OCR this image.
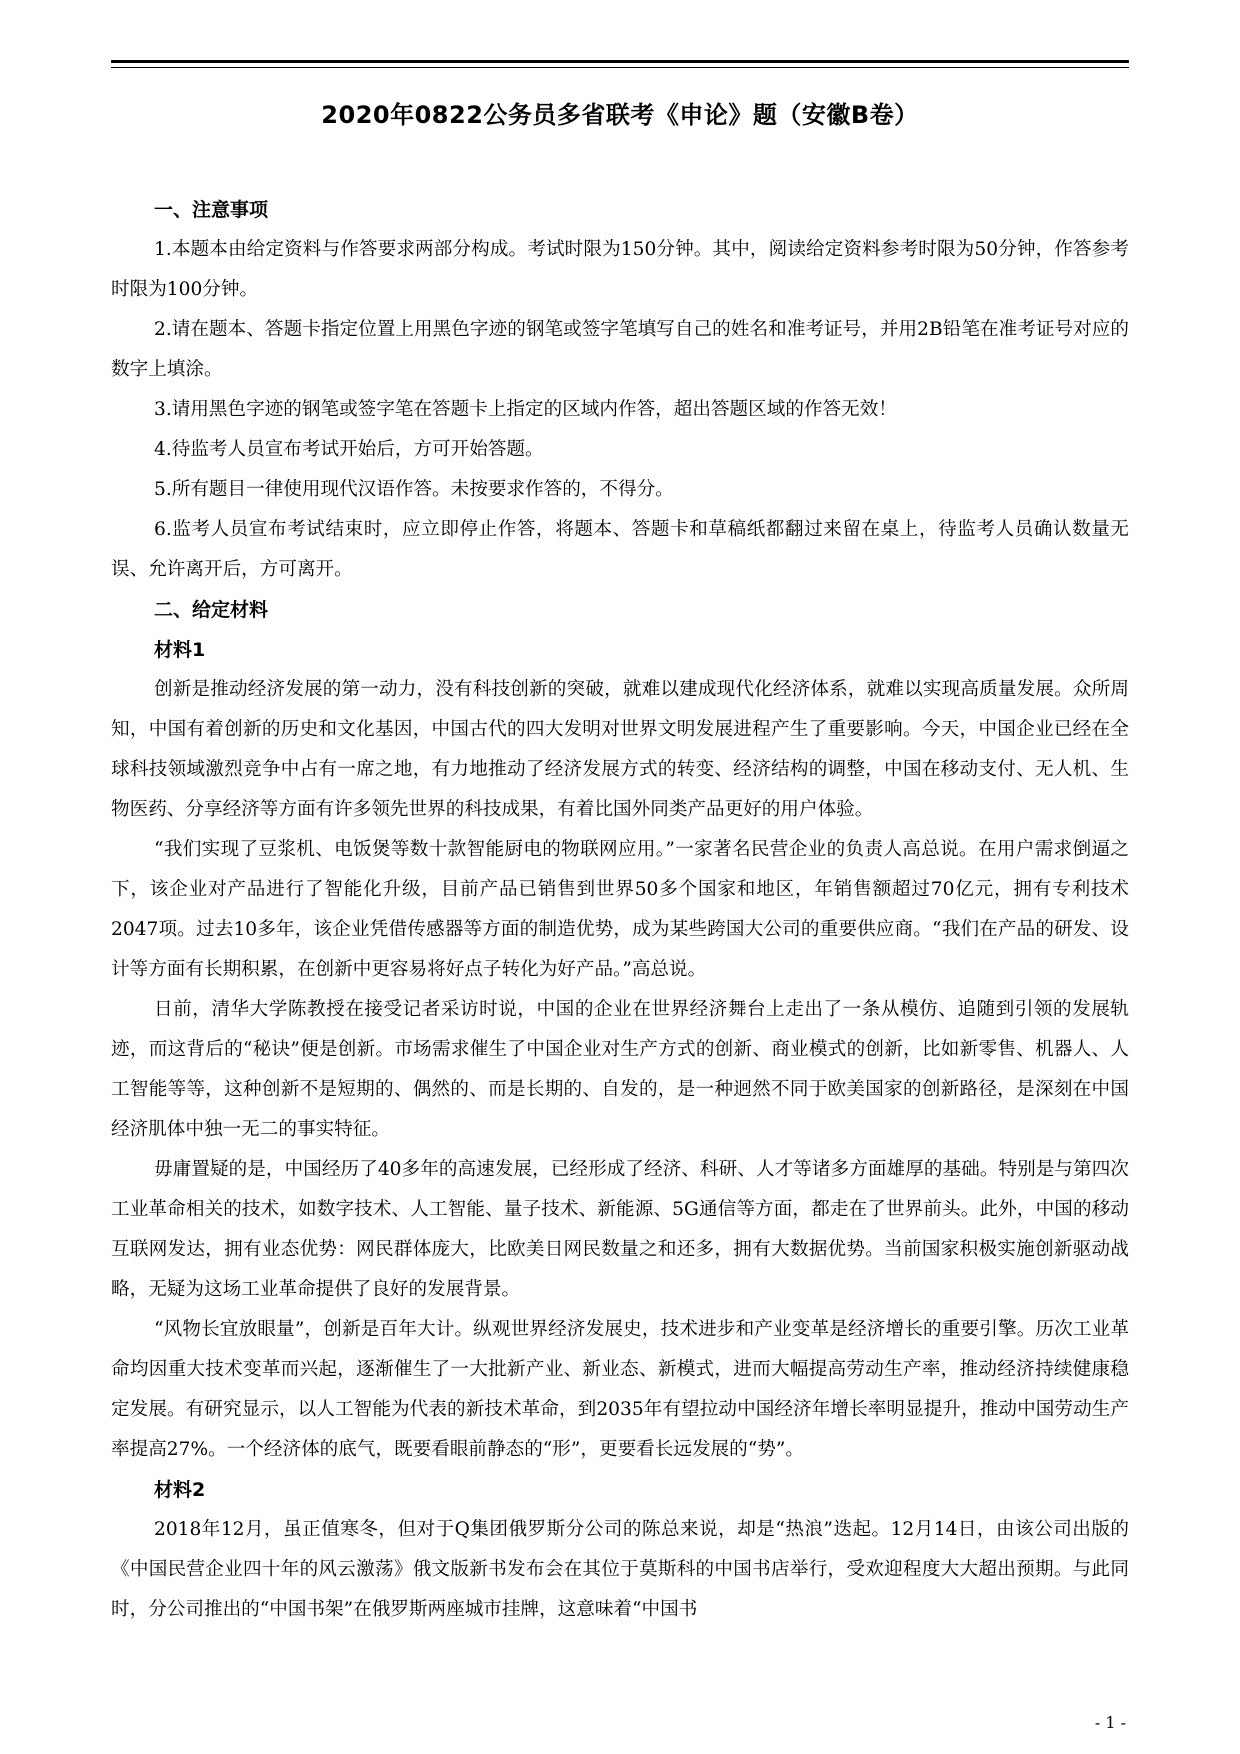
2020年0822公务员多省联考《申论》题（安徽B卷）
一、注意事项

1.本题本由给定资料与作答要求两部分构成。考试时限为150分钟。其中，阅读给定资料参考时限为50分钟，作答参考时限为100分钟。

2.请在题本、答题卡指定位置上用黑色字迹的钢笔或签字笔填写自己的姓名和准考证号，并用2B铅笔在准考证号对应的数字上填涂。

3.请用黑色字迹的钢笔或签字笔在答题卡上指定的区域内作答，超出答题区域的作答无效！

4.待监考人员宣布考试开始后，方可开始答题。

5.所有题目一律使用现代汉语作答。未按要求作答的，不得分。

6.监考人员宣布考试结束时，应立即停止作答，将题本、答题卡和草稿纸都翻过来留在桌上，待监考人员确认数量无误、允许离开后，方可离开。

二、给定材料
材料1

创新是推动经济发展的第一动力，没有科技创新的突破，就难以建成现代化经济体系，就难以实现高质量发展。众所周知，中国有着创新的历史和文化基因，中国古代的四大发明对世界文明发展进程产生了重要影响。今天，中国企业已经在全球科技领域激烈竞争中占有一席之地，有力地推动了经济发展方式的转变、经济结构的调整，中国在移动支付、无人机、生物医药、分享经济等方面有许多领先世界的科技成果，有着比国外同类产品更好的用户体验。

“我们实现了豆浆机、电饭煲等数十款智能厨电的物联网应用。”一家著名民营企业的负责人高总说。在用户需求倒逼之下，该企业对产品进行了智能化升级，目前产品已销售到世界50多个国家和地区，年销售额超过70亿元，拥有专利技术2047项。过去10多年，该企业凭借传感器等方面的制造优势，成为某些跨国大公司的重要供应商。“我们在产品的研发、设计等方面有长期积累，在创新中更容易将好点子转化为好产品。”高总说。

日前，清华大学陈教授在接受记者采访时说，中国的企业在世界经济舞台上走出了一条从模仿、追随到引领的发展轨迹，而这背后的“秘诀”便是创新。市场需求催生了中国企业对生产方式的创新、商业模式的创新，比如新零售、机器人、人工智能等等，这种创新不是短期的、偶然的、而是长期的、自发的，是一种迥然不同于欧美国家的创新路径，是深刻在中国经济肌体中独一无二的事实特征。

毋庸置疑的是，中国经历了40多年的高速发展，已经形成了经济、科研、人才等诸多方面雄厚的基础。特别是与第四次工业革命相关的技术，如数字技术、人工智能、量子技术、新能源、5G通信等方面，都走在了世界前头。此外，中国的移动互联网发达，拥有业态优势：网民群体庞大，比欧美日网民数量之和还多，拥有大数据优势。当前国家积极实施创新驱动战略，无疑为这场工业革命提供了良好的发展背景。

“风物长宜放眼量”，创新是百年大计。纵观世界经济发展史，技术进步和产业变革是经济增长的重要引擎。历次工业革命均因重大技术变革而兴起，逐渐催生了一大批新产业、新业态、新模式，进而大幅提高劳动生产率，推动经济持续健康稳定发展。有研究显示，以人工智能为代表的新技术革命，到2035年有望拉动中国经济年增长率明显提升，推动中国劳动生产率提高27%。一个经济体的底气，既要看眼前静态的“形”，更要看长远发展的“势”。

材料2

2018年12月，虽正值寒冬，但对于Q集团俄罗斯分公司的陈总来说，却是“热浪”迭起。12月14日，由该公司出版的《中国民营企业四十年的风云激荡》俄文版新书发布会在其位于莫斯科的中国书店举行，受欢迎程度大大超出预期。与此同时，分公司推出的“中国书架”在俄罗斯两座城市挂牌，这意味着“中国书

- 1 -
